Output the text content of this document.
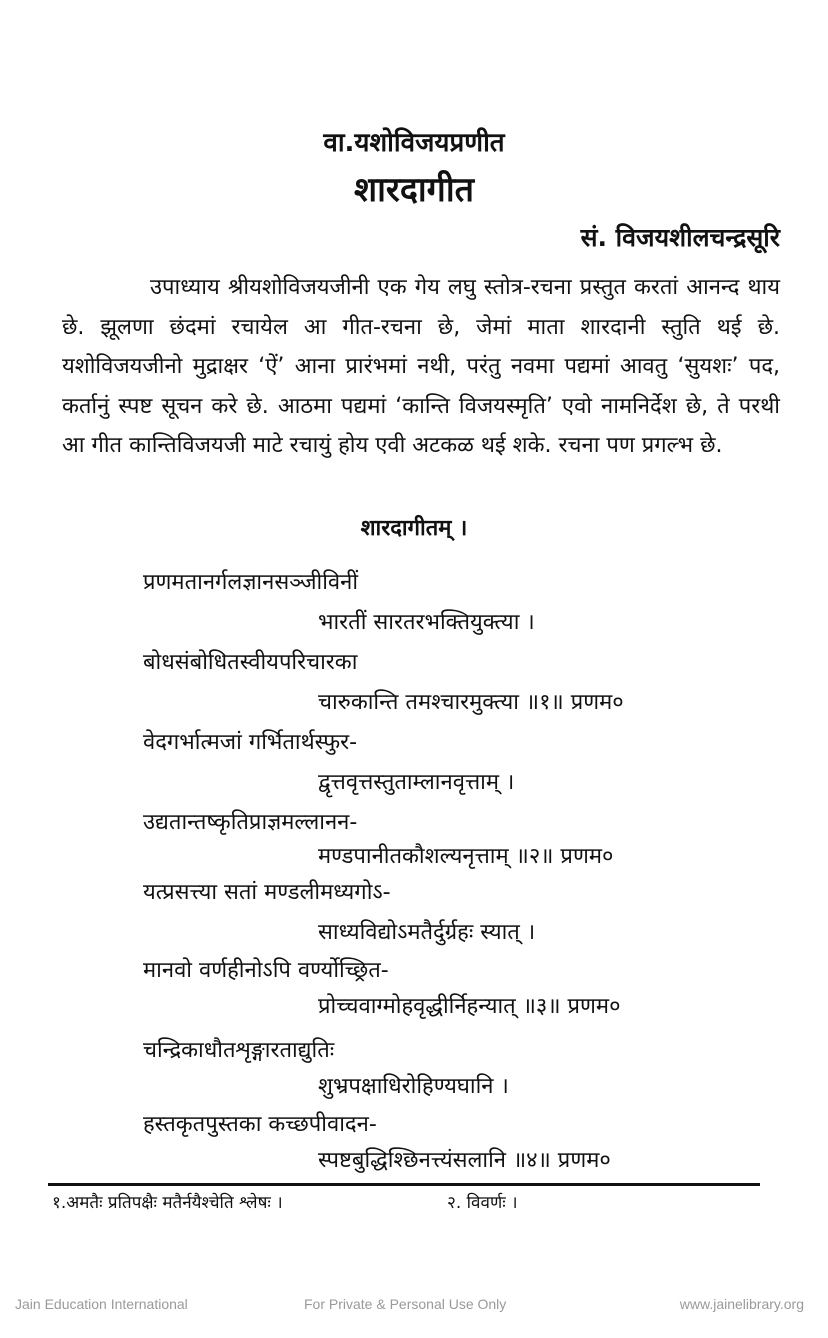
वा.यशोविजयप्रणीत
शारदागीत
सं. विजयशीलचन्द्रसूरि

उपाध्याय श्रीयशोविजयजीनी एक गेय लघु स्तोत्र-रचना प्रस्तुत करतां आनन्द थाय छे. झूलणा छंदमां रचायेल आ गीत-रचना छे, जेमां माता शारदानी स्तुति थई छे. यशोविजयजीनो मुद्राक्षर ‘ऐं’ आना प्रारंभमां नथी, परंतु नवमा पद्यमां आवतु ‘सुयशः’ पद, कर्तानुं स्पष्ट सूचन करे छे. आठमा पद्यमां ‘कान्ति विजयस्मृति’ एवो नामनिर्देश छे, ते परथी आ गीत कान्तिविजयजी माटे रचायुं होय एवी अटकळ थई शके. रचना पण प्रगल्भ छे.

शारदागीतम् ।
प्रणमतानर्गलज्ञानसञ्जीविनीं
भारतीं सारतरभक्तियुक्त्या ।
बोधसंबोधितस्वीयपरिचारका
चारुकान्ति तमश्चारमुक्त्या ॥१॥ प्रणम०
वेदगर्भात्मजां गर्भितार्थस्फुर-
द्वृत्तवृत्तस्तुताम्लानवृत्ताम् ।
उद्यतान्तष्कृतिप्राज्ञमल्लानन-
मण्डपानीतकौशल्यनृत्ताम् ॥२॥ प्रणम०
यत्प्रसत्त्या सतां मण्डलीमध्यगोऽ-
साध्यविद्योऽमतैर्दुर्ग्रहः स्यात् ।
मानवो वर्णहीनोऽपि वर्ण्योच्छ्रित-
प्रोच्चवाग्मोहवृद्धीर्निहन्यात् ॥३॥ प्रणम०
चन्द्रिकाधौतशृङ्गारताद्युतिः
शुभ्रपक्षाधिरोहिण्यघानि ।
हस्तकृतपुस्तका कच्छपीवादन-
स्पष्टबुद्धिश्छिनत्त्यंसलानि ॥४॥ प्रणम०
१.अमतैः प्रतिपक्षैः मतैर्नयैश्चेति श्लेषः ।	२. विवर्णः ।
Jain Education International	For Private & Personal Use Only	www.jainelibrary.org
